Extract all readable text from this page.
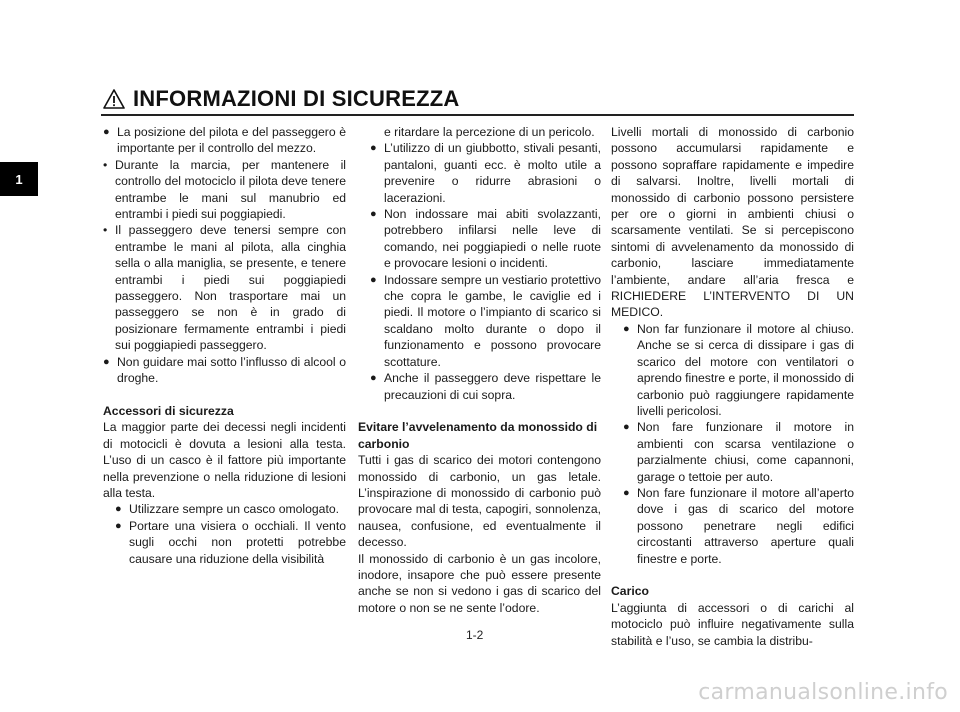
INFORMAZIONI DI SICUREZZA
1

● La posizione del pilota e del passeggero è importante per il controllo del mezzo.

• Durante la marcia, per mantenere il controllo del motociclo il pilota deve tenere entrambe le mani sul manubrio ed entrambi i piedi sui poggiapiedi.

• Il passeggero deve tenersi sempre con entrambe le mani al pilota, alla cinghia sella o alla maniglia, se presente, e tenere entrambi i piedi sui poggiapiedi passeggero. Non trasportare mai un passeggero se non è in grado di posizionare fermamente entrambi i piedi sui poggiapiedi passeggero.

● Non guidare mai sotto l’influsso di alcool o droghe.

Accessori di sicurezza

La maggior parte dei decessi negli incidenti di motocicli è dovuta a lesioni alla testa. L’uso di un casco è il fattore più importante nella prevenzione o nella riduzione di lesioni alla testa.

● Utilizzare sempre un casco omologato.

● Portare una visiera o occhiali. Il vento sugli occhi non protetti potrebbe causare una riduzione della visibilità

e ritardare la percezione di un pericolo.

● L’utilizzo di un giubbotto, stivali pesanti, pantaloni, guanti ecc. è molto utile a prevenire o ridurre abrasioni o lacerazioni.

● Non indossare mai abiti svolazzanti, potrebbero infilarsi nelle leve di comando, nei poggiapiedi o nelle ruote e provocare lesioni o incidenti.

● Indossare sempre un vestiario protettivo che copra le gambe, le caviglie ed i piedi. Il motore o l’impianto di scarico si scaldano molto durante o dopo il funzionamento e possono provocare scottature.

● Anche il passeggero deve rispettare le precauzioni di cui sopra.

Evitare l’avvelenamento da monossido di carbonio

Tutti i gas di scarico dei motori contengono monossido di carbonio, un gas letale. L’inspirazione di monossido di carbonio può provocare mal di testa, capogiri, sonnolenza, nausea, confusione, ed eventualmente il decesso.

Il monossido di carbonio è un gas incolore, inodore, insapore che può essere presente anche se non si vedono i gas di scarico del motore o non se ne sente l’odore.

Livelli mortali di monossido di carbonio possono accumularsi rapidamente e possono sopraffare rapidamente e impedire di salvarsi. Inoltre, livelli mortali di monossido di carbonio possono persistere per ore o giorni in ambienti chiusi o scarsamente ventilati. Se si percepiscono sintomi di avvelenamento da monossido di carbonio, lasciare immediatamente l’ambiente, andare all’aria fresca e RICHIEDERE L’INTERVENTO DI UN MEDICO.

● Non far funzionare il motore al chiuso. Anche se si cerca di dissipare i gas di scarico del motore con ventilatori o aprendo finestre e porte, il monossido di carbonio può raggiungere rapidamente livelli pericolosi.

● Non fare funzionare il motore in ambienti con scarsa ventilazione o parzialmente chiusi, come capannoni, garage o tettoie per auto.

● Non fare funzionare il motore all’aperto dove i gas di scarico del motore possono penetrare negli edifici circostanti attraverso aperture quali finestre e porte.

Carico

L’aggiunta di accessori o di carichi al motociclo può influire negativamente sulla stabilità e l’uso, se cambia la distribu-

1-2
carmanualsonline.info
